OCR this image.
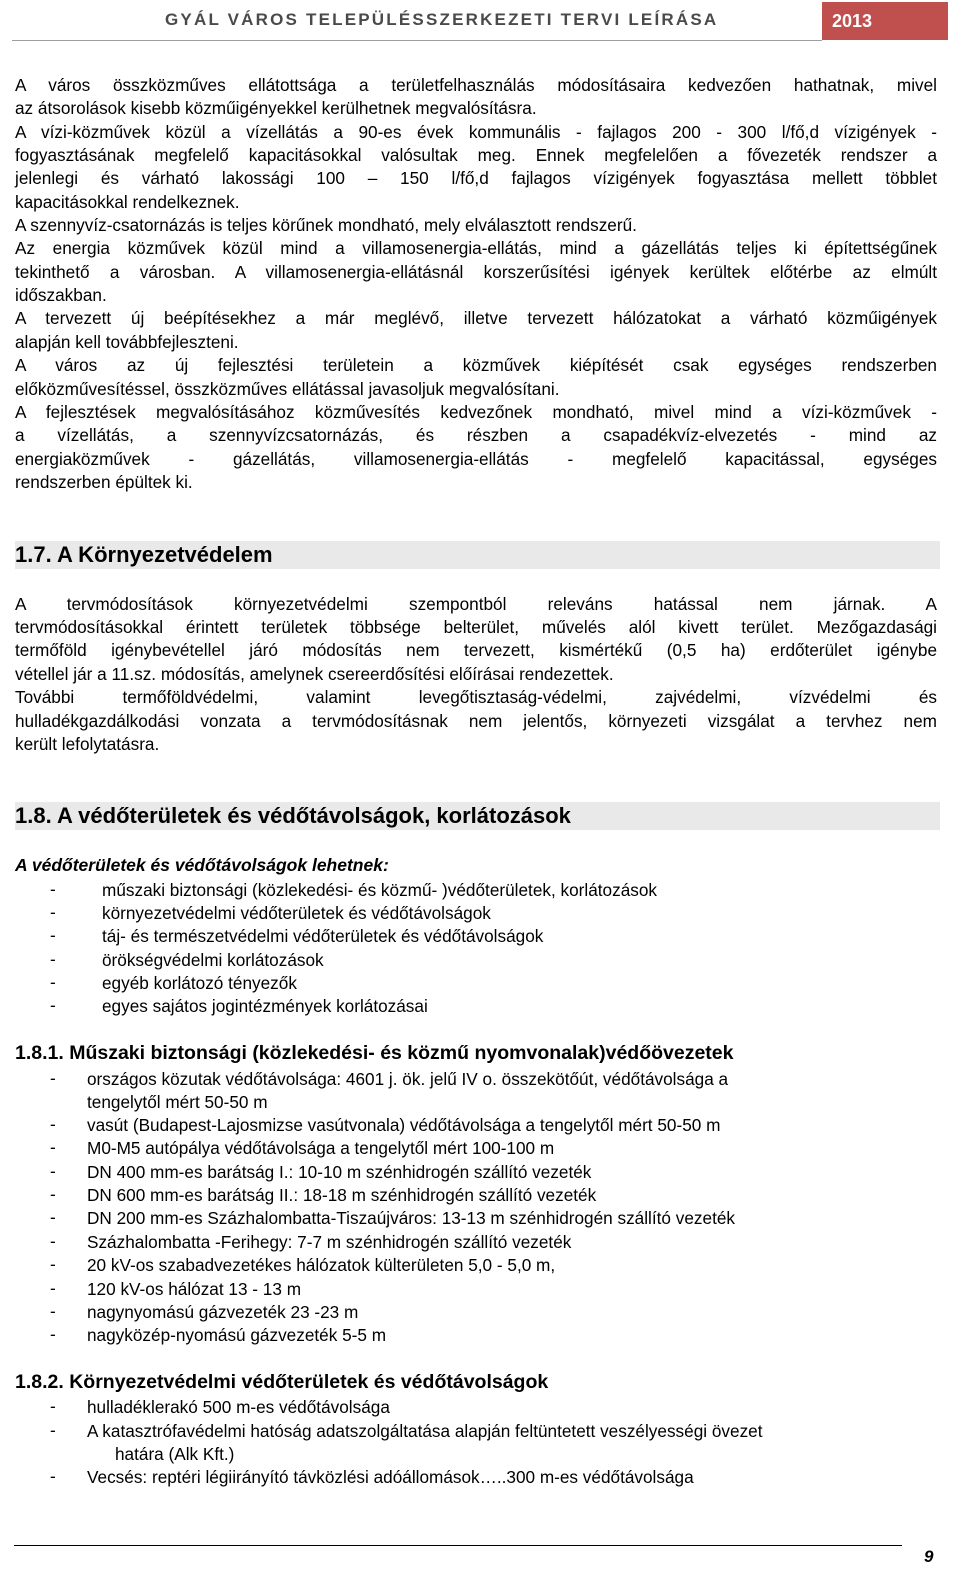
GYÁL VÁROS TELEPÜLÉSSZERKEZETI TERVI LEÍRÁSA	2013

A város összközműves ellátottsága a területfelhasználás módosításaira kedvezően hathatnak, mivel

az átsorolások kisebb közműigényekkel kerülhetnek megvalósításra.

A vízi-közművek közül a vízellátás a 90-es évek kommunális - fajlagos 200 - 300 l/fő,d vízigények -

fogyasztásának megfelelő kapacitásokkal valósultak meg. Ennek megfelelően a fővezeték rendszer a

jelenlegi és várható lakossági 100 – 150 l/fő,d fajlagos vízigények fogyasztása mellett többlet

kapacitásokkal rendelkeznek.

A szennyvíz-csatornázás is teljes körűnek mondható, mely elválasztott rendszerű.

Az energia közművek közül mind a villamosenergia-ellátás, mind a gázellátás teljes ki építettségűnek

tekinthető a városban. A villamosenergia-ellátásnál korszerűsítési igények kerültek előtérbe az elmúlt

időszakban.

A tervezett új beépítésekhez a már meglévő, illetve tervezett hálózatokat a várható közműigények

alapján kell továbbfejleszteni.

A város az új fejlesztési területein a közművek kiépítését csak egységes rendszerben

előközművesítéssel, összközműves ellátással javasoljuk megvalósítani.

A fejlesztések megvalósításához közművesítés kedvezőnek mondható, mivel mind a vízi-közművek -

a vízellátás, a szennyvízcsatornázás, és részben a csapadékvíz-elvezetés - mind az

energiaközművek - gázellátás, villamosenergia-ellátás - megfelelő kapacitással, egységes

rendszerben épültek ki.

1.7. A Környezetvédelem

A tervmódosítások környezetvédelmi szempontból releváns hatással nem járnak. A

tervmódosításokkal érintett területek többsége belterület, művelés alól kivett terület. Mezőgazdasági

termőföld igénybevétellel járó módosítás nem tervezett, kismértékű (0,5 ha) erdőterület igénybe

vétellel jár a 11.sz. módosítás, amelynek csereerdősítési előírásai rendezettek.

További termőföldvédelmi, valamint levegőtisztaság-védelmi, zajvédelmi, vízvédelmi és

hulladékgazdálkodási vonzata a tervmódosításnak nem jelentős, környezeti vizsgálat a tervhez nem

került lefolytatásra.

1.8. A védőterületek és védőtávolságok, korlátozások
A védőterületek és védőtávolságok lehetnek:
-	műszaki biztonsági (közlekedési- és közmű- )védőterületek, korlátozások

-	környezetvédelmi védőterületek és védőtávolságok

-	táj- és természetvédelmi védőterületek és védőtávolságok

-	örökségvédelmi korlátozások

-	egyéb korlátozó tényezők

-	egyes sajátos jogintézmények korlátozásai

1.8.1. Műszaki biztonsági (közlekedési- és közmű nyomvonalak)védőövezetek
- országos közutak védőtávolsága: 4601 j. ök. jelű IV o. összekötőút, védőtávolsága a

tengelytől mért 50-50 m

- vasút (Budapest-Lajosmizse vasútvonala) védőtávolsága a tengelytől mért 50-50 m

- M0-M5 autópálya védőtávolsága a tengelytől mért 100-100 m

- DN 400 mm-es barátság I.: 10-10 m szénhidrogén szállító vezeték

- DN 600 mm-es barátság II.: 18-18 m szénhidrogén szállító vezeték

- DN 200 mm-es Százhalombatta-Tiszaújváros: 13-13 m szénhidrogén szállító vezeték

- Százhalombatta -Ferihegy: 7-7 m szénhidrogén szállító vezeték

- 20 kV-os szabadvezetékes hálózatok külterületen 5,0 - 5,0 m,

- 120 kV-os hálózat 13 - 13 m

- nagynyomású gázvezeték 23 -23 m

- nagyközép-nyomású gázvezeték 5-5 m

1.8.2. Környezetvédelmi védőterületek és védőtávolságok
- hulladéklerakó 500 m-es védőtávolsága

- A katasztrófavédelmi hatóság adatszolgáltatása alapján feltüntetett veszélyességi övezet

határa (Alk Kft.)

- Vecsés: reptéri légiirányító távközlési adóállomások…..300 m-es védőtávolsága

9
